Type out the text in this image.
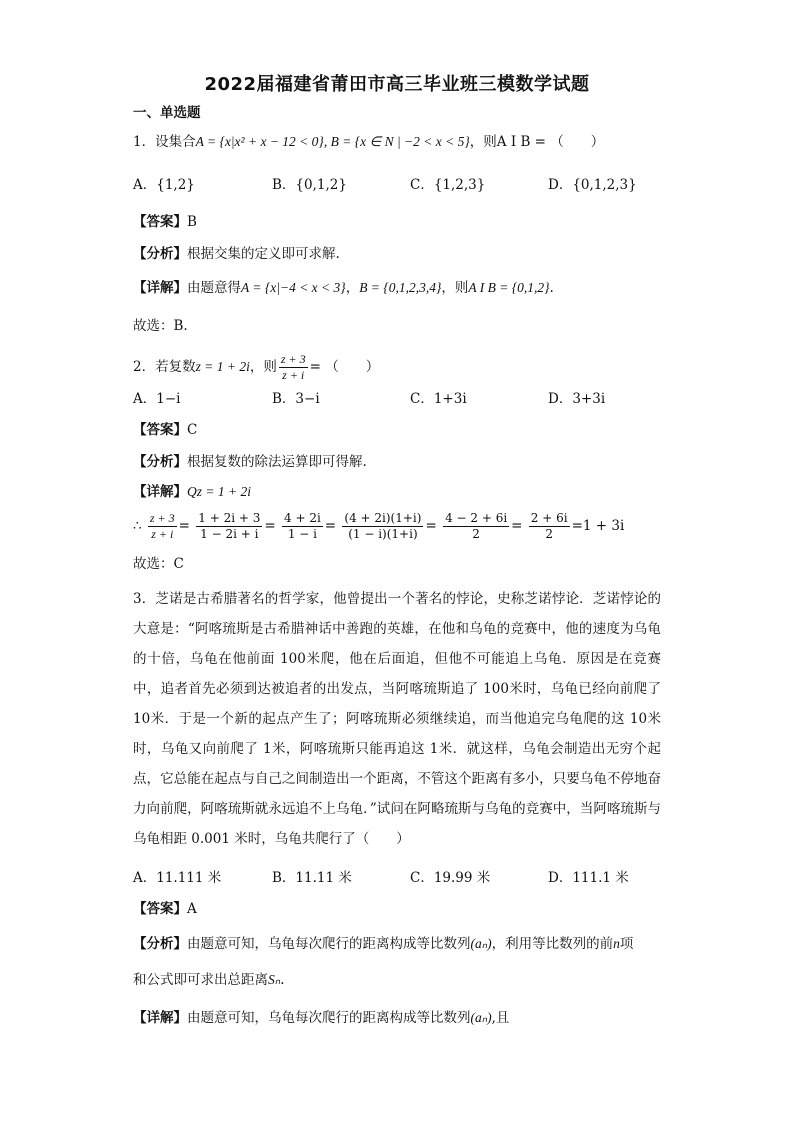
2022届福建省莆田市高三毕业班三模数学试题
一、单选题
1．设集合A = {x|x² + x − 12 < 0}, B = {x ∈ N | −2 < x < 5}，则A I B = （　　）
A．{1,2}	B．{0,1,2}	C．{1,2,3}	D．{0,1,2,3}
【答案】B
【分析】根据交集的定义即可求解.
【详解】由题意得A = {x|−4 < x < 3}，B = {0,1,2,3,4}，则A I B = {0,1,2}.
故选：B.
2．若复数z = 1 + 2i，则 $\frac{z + 3}{z + i}$ = （　　）
A．1−i	B．3−i	C．1+3i	D．3+3i
【答案】C
【分析】根据复数的除法运算即可得解.
【详解】Qz = 1 + 2i
∴ $\frac{z + 3}{z + i} = \frac{1 + 2i + 3}{1 - 2i + i} = \frac{4 + 2i}{1 - i} = \frac{(4 + 2i)(1+i)}{(1 - i)(1+i)} = \frac{4 - 2 + 6i}{2} = \frac{2 + 6i}{2} =1 + 3i$
故选：C
3．芝诺是古希腊著名的哲学家，他曾提出一个著名的悖论，史称芝诺悖论．芝诺悖论的大意是：“阿喀琉斯是古希腊神话中善跑的英雄，在他和乌龟的竞赛中，他的速度为乌龟的十倍，乌龟在他前面 100米爬，他在后面追，但他不可能追上乌龟．原因是在竞赛中，追者首先必须到达被追者的出发点，当阿喀琉斯追了 100米时，乌龟已经向前爬了 10米．于是一个新的起点产生了；阿喀琉斯必须继续追，而当他追完乌龟爬的这 10米时，乌龟又向前爬了 1米，阿喀琉斯只能再追这 1米．就这样，乌龟会制造出无穷个起点，它总能在起点与自己之间制造出一个距离，不管这个距离有多小，只要乌龟不停地奋力向前爬，阿喀琉斯就永远追不上乌龟．”试问在阿略琉斯与乌龟的竞赛中，当阿喀琉斯与乌龟相距 0.001 米时，乌龟共爬行了（　　）
A．11.111 米	B．11.11 米	C．19.99 米	D．111.1 米
【答案】A
【分析】由题意可知，乌龟每次爬行的距离构成等比数列(aₙ)，利用等比数列的前n项
和公式即可求出总距离Sₙ.
【详解】由题意可知，乌龟每次爬行的距离构成等比数列(aₙ),且
